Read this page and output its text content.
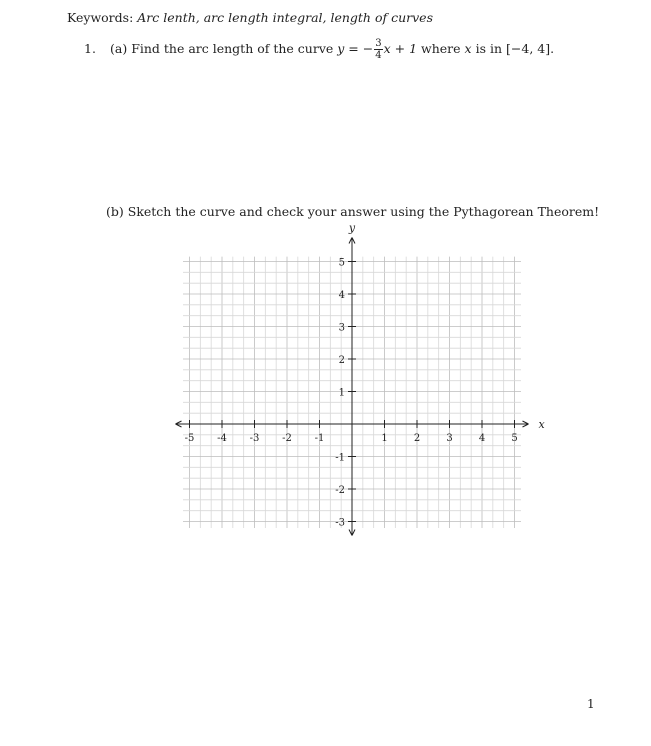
Keywords: Arc lenth, arc length integral, length of curves
1. (a) Find the arc length of the curve y = − $\frac{3}{4}$ x + 1 where x is in [−4, 4].
(b) Sketch the curve and check your answer using the Pythagorean Theorem!
x
y
-5 -4 -3 -2 -1	1	2	3	4	5
-3
-2
-1
1
2
3
4
5
1
